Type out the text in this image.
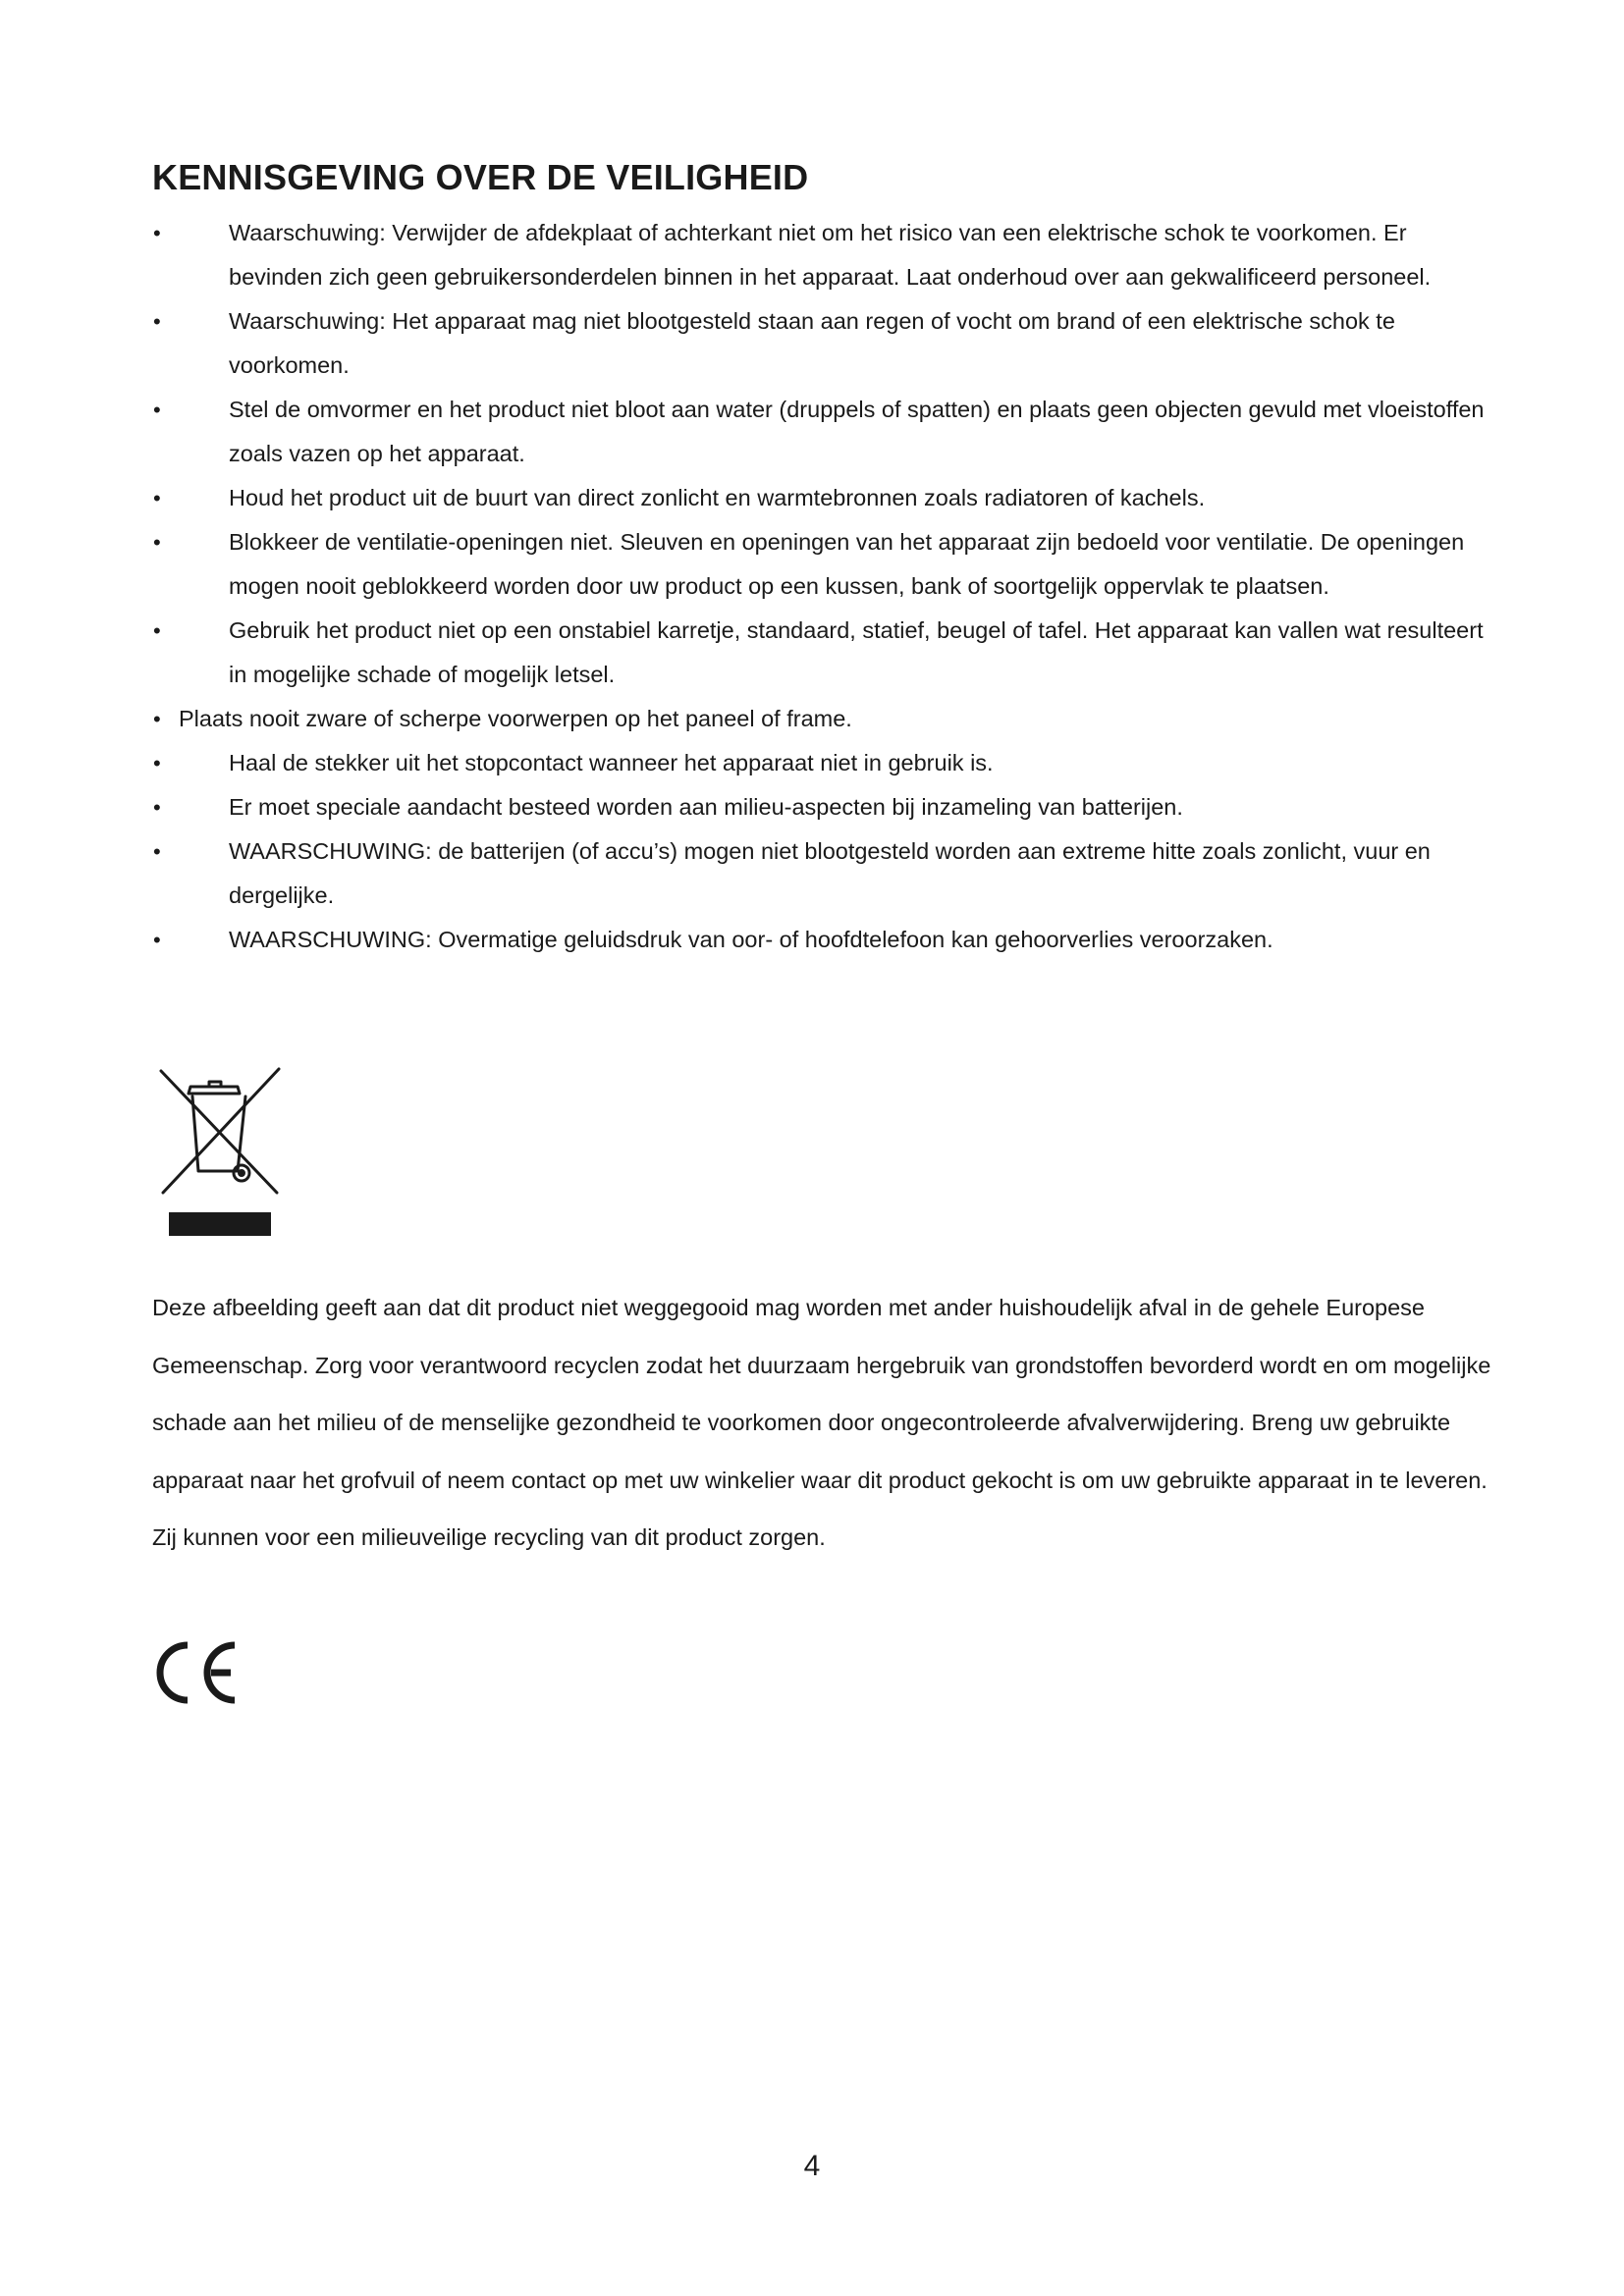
KENNISGEVING OVER DE VEILIGHEID
•	Waarschuwing: Verwijder de afdekplaat of achterkant niet om het risico van een elektrische schok te voorkomen. Er bevinden zich geen gebruikersonderdelen binnen in het apparaat. Laat onderhoud over aan gekwalificeerd personeel.
•	Waarschuwing: Het apparaat mag niet blootgesteld staan aan regen of vocht om brand of een elektrische schok te voorkomen.
•	Stel de omvormer en het product niet bloot aan water (druppels of spatten) en plaats geen objecten gevuld met vloeistoffen zoals vazen op het apparaat.
•	Houd het product uit de buurt van direct zonlicht en warmtebronnen zoals radiatoren of kachels.
•	Blokkeer de ventilatie-openingen niet. Sleuven en openingen van het apparaat zijn bedoeld voor ventilatie. De openingen mogen nooit geblokkeerd worden door uw product op een kussen, bank of soortgelijk oppervlak te plaatsen.
•	Gebruik het product niet op een onstabiel karretje, standaard, statief, beugel of tafel. Het apparaat kan vallen wat resulteert in mogelijke schade of mogelijk letsel.
• Plaats nooit zware of scherpe voorwerpen op het paneel of frame.
•	Haal de stekker uit het stopcontact wanneer het apparaat niet in gebruik is.
•	Er moet speciale aandacht besteed worden aan milieu-aspecten bij inzameling van batterijen.
•	WAARSCHUWING: de batterijen (of accu’s) mogen niet blootgesteld worden aan extreme hitte zoals zonlicht, vuur en dergelijke.
•	WAARSCHUWING: Overmatige geluidsdruk van oor- of hoofdtelefoon kan gehoorverlies veroorzaken.

Deze afbeelding geeft aan dat dit product niet weggegooid mag worden met ander huishoudelijk afval in de gehele Europese Gemeenschap. Zorg voor verantwoord recyclen zodat het duurzaam hergebruik van grondstoffen bevorderd wordt en om mogelijke schade aan het milieu of de menselijke gezondheid te voorkomen door ongecontroleerde afvalverwijdering. Breng uw gebruikte apparaat naar het grofvuil of neem contact op met uw winkelier waar dit product gekocht is om uw gebruikte apparaat in te leveren. Zij kunnen voor een milieuveilige recycling van dit product zorgen.

4
